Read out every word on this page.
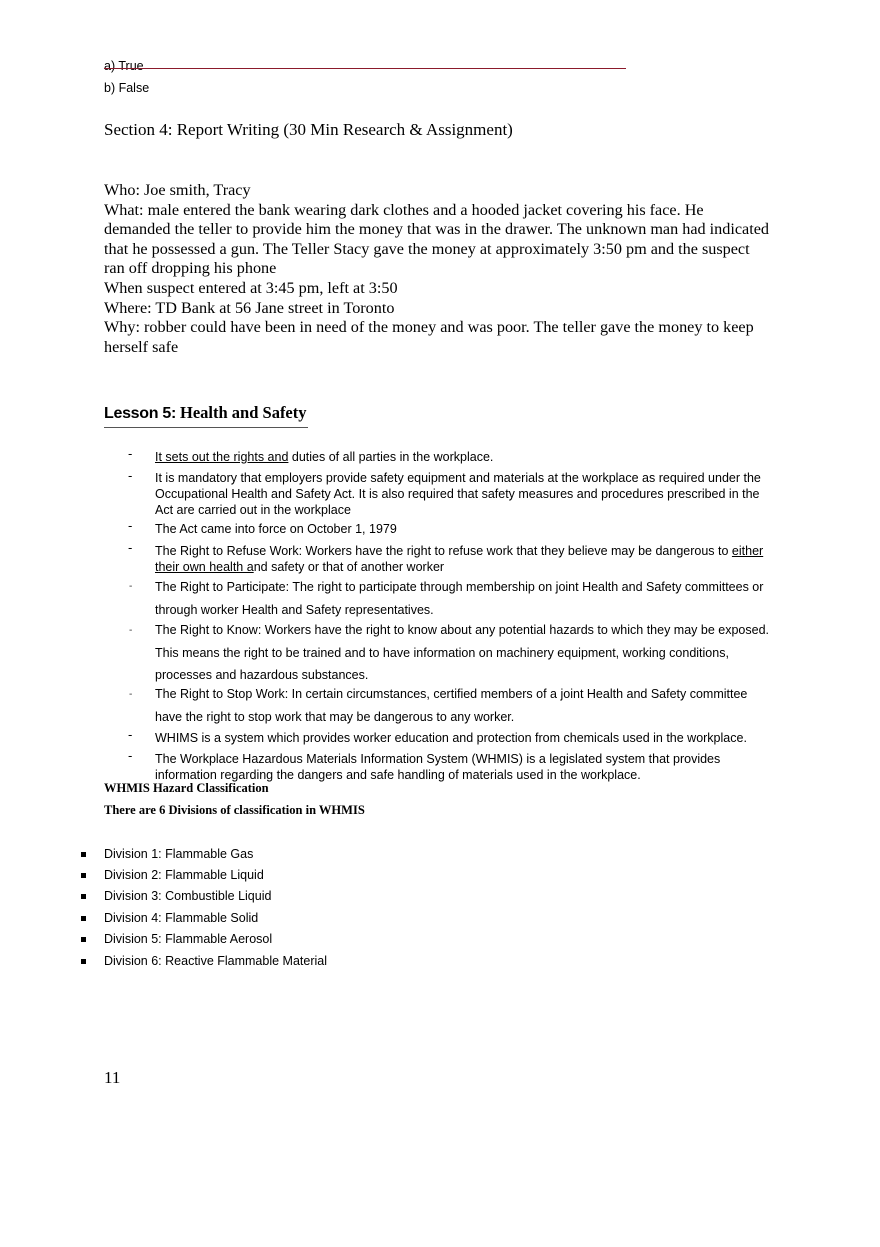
a) True
b) False
Section 4: Report Writing (30 Min Research & Assignment)

Who: Joe smith, Tracy

What: male entered the bank wearing dark clothes and a hooded jacket covering his face. He demanded the teller to provide him the money that was in the drawer. The unknown man had indicated that he possessed a gun. The Teller Stacy gave the money at approximately 3:50 pm and the suspect ran off dropping his phone

When suspect entered at 3:45 pm, left at 3:50

Where: TD Bank at 56 Jane street in Toronto

Why: robber could have been in need of the money and was poor. The teller gave the money to keep herself safe

Lesson 5: Health and Safety
- It sets out the rights and duties of all parties in the workplace.
- It is mandatory that employers provide safety equipment and materials at the workplace as required under the Occupational Health and Safety Act. It is also required that safety measures and procedures prescribed in the Act are carried out in the workplace
- The Act came into force on October 1, 1979
- The Right to Refuse Work: Workers have the right to refuse work that they believe may be dangerous to either their own health and safety or that of another worker
- The Right to Participate: The right to participate through membership on joint Health and Safety committees or through worker Health and Safety representatives.
- The Right to Know: Workers have the right to know about any potential hazards to which they may be exposed. This means the right to be trained and to have information on machinery equipment, working conditions, processes and hazardous substances.
- The Right to Stop Work: In certain circumstances, certified members of a joint Health and Safety committee have the right to stop work that may be dangerous to any worker.
- WHIMS is a system which provides worker education and protection from chemicals used in the workplace.
- The Workplace Hazardous Materials Information System (WHMIS) is a legislated system that provides information regarding the dangers and safe handling of materials used in the workplace.
WHMIS Hazard Classification
There are 6 Divisions of classification in WHMIS
Division 1: Flammable Gas
Division 2: Flammable Liquid
Division 3: Combustible Liquid
Division 4: Flammable Solid
Division 5: Flammable Aerosol
Division 6: Reactive Flammable Material
11
